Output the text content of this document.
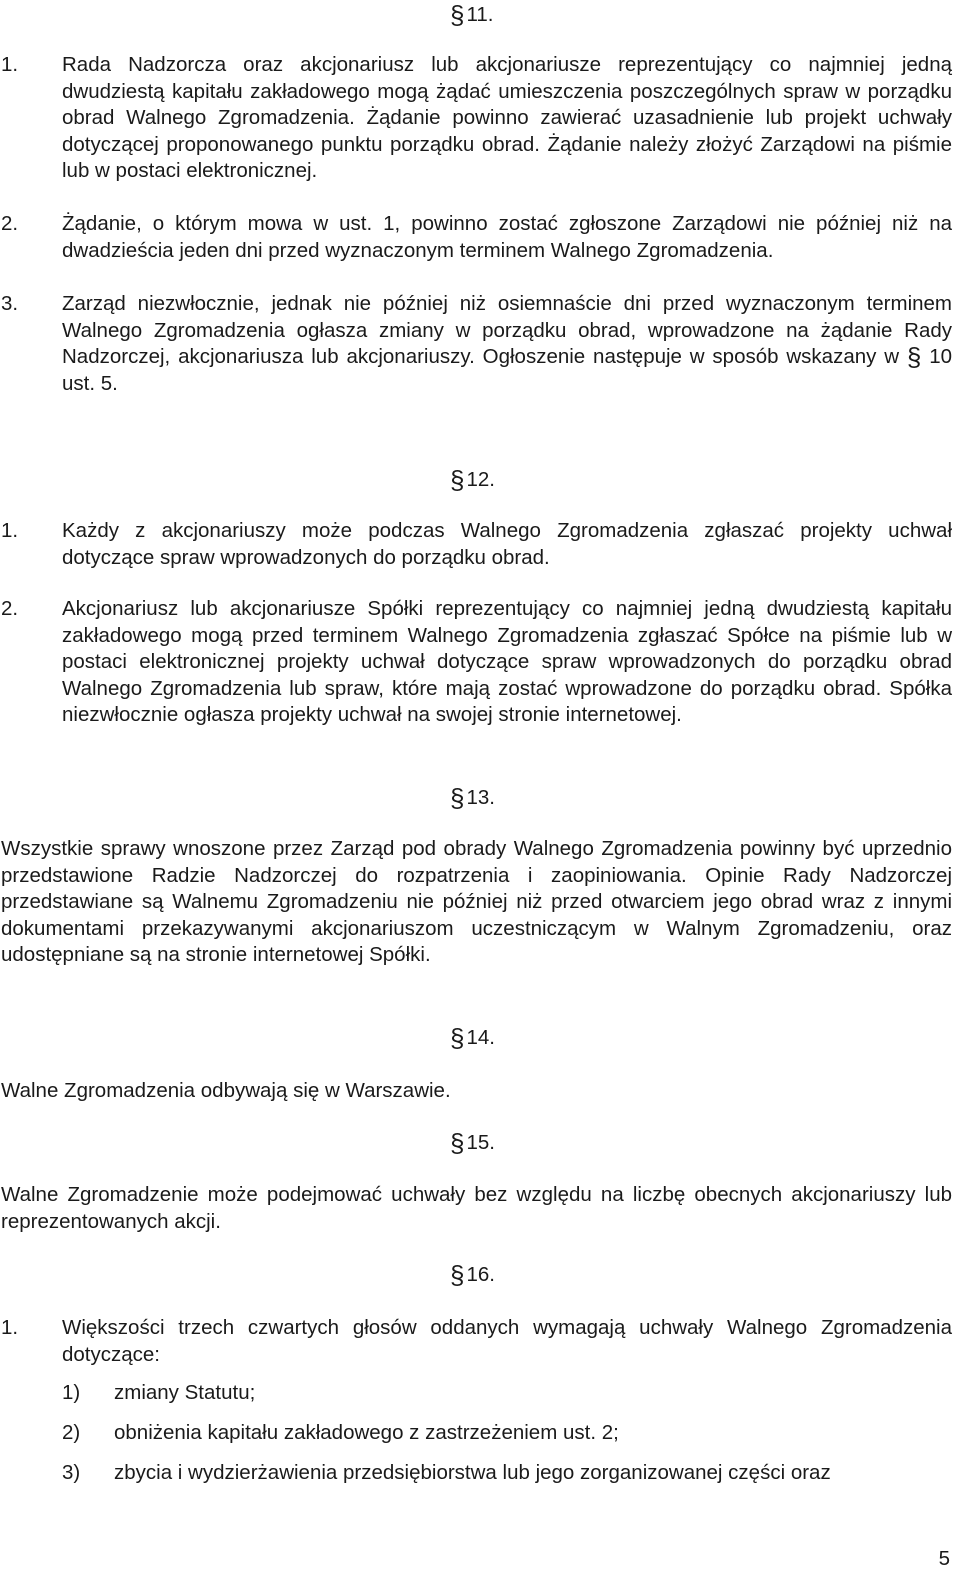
§11.
1. Rada Nadzorcza oraz akcjonariusz lub akcjonariusze reprezentujący co najmniej jedną dwudziestą kapitału zakładowego mogą żądać umieszczenia poszczególnych spraw w porządku obrad Walnego Zgromadzenia. Żądanie powinno zawierać uzasadnienie lub projekt uchwały dotyczącej proponowanego punktu porządku obrad. Żądanie należy złożyć Zarządowi na piśmie lub w postaci elektronicznej.
2. Żądanie, o którym mowa w ust. 1, powinno zostać zgłoszone Zarządowi nie później niż na dwadzieścia jeden dni przed wyznaczonym terminem Walnego Zgromadzenia.
3. Zarząd niezwłocznie, jednak nie później niż osiemnaście dni przed wyznaczonym terminem Walnego Zgromadzenia ogłasza zmiany w porządku obrad, wprowadzone na żądanie Rady Nadzorczej, akcjonariusza lub akcjonariuszy. Ogłoszenie następuje w sposób wskazany w § 10 ust. 5.
§12.
1. Każdy z akcjonariuszy może podczas Walnego Zgromadzenia zgłaszać projekty uchwał dotyczące spraw wprowadzonych do porządku obrad.
2. Akcjonariusz lub akcjonariusze Spółki reprezentujący co najmniej jedną dwudziestą kapitału zakładowego mogą przed terminem Walnego Zgromadzenia zgłaszać Spółce na piśmie lub w postaci elektronicznej projekty uchwał dotyczące spraw wprowadzonych do porządku obrad Walnego Zgromadzenia lub spraw, które mają zostać wprowadzone do porządku obrad. Spółka niezwłocznie ogłasza projekty uchwał na swojej stronie internetowej.
§13.
Wszystkie sprawy wnoszone przez Zarząd pod obrady Walnego Zgromadzenia powinny być uprzednio przedstawione Radzie Nadzorczej do rozpatrzenia i zaopiniowania. Opinie Rady Nadzorczej przedstawiane są Walnemu Zgromadzeniu nie później niż przed otwarciem jego obrad wraz z innymi dokumentami przekazywanymi akcjonariuszom uczestniczącym w Walnym Zgromadzeniu, oraz udostępniane są na stronie internetowej Spółki.
§14.
Walne Zgromadzenia odbywają się w Warszawie.
§15.
Walne Zgromadzenie może podejmować uchwały bez względu na liczbę obecnych akcjonariuszy lub reprezentowanych akcji.
§16.
1. Większości trzech czwartych głosów oddanych wymagają uchwały Walnego Zgromadzenia dotyczące:
1) zmiany Statutu;
2) obniżenia kapitału zakładowego z zastrzeżeniem ust. 2;
3) zbycia i wydzierżawienia przedsiębiorstwa lub jego zorganizowanej części oraz
5
